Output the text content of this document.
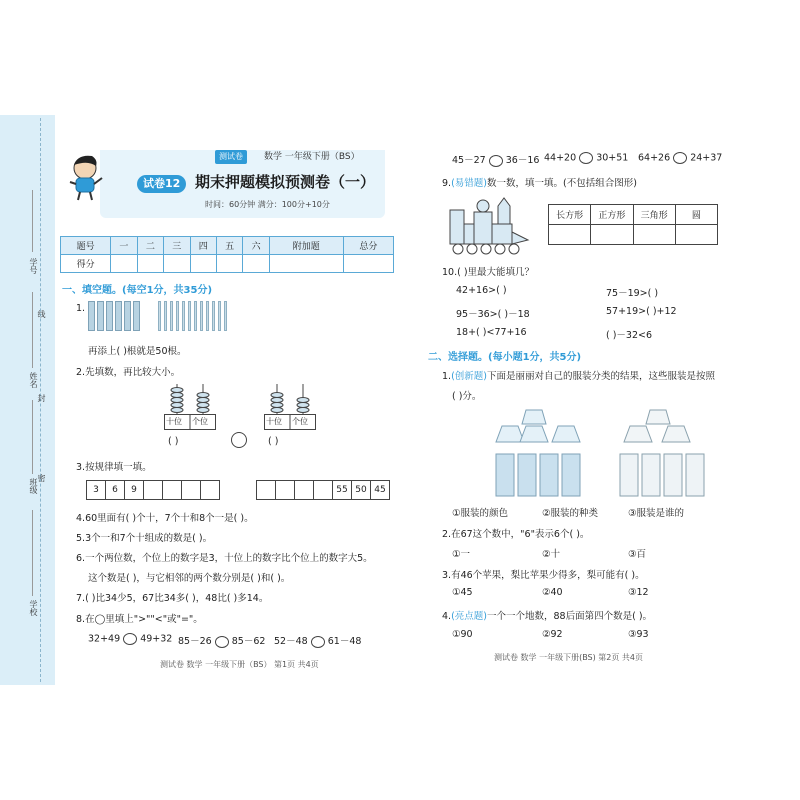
学号
姓名
班级
学校
线
封
密
测试卷	数学 一年级下册（BS）
试卷12 期末押题模拟预测卷（一）
时间：60分钟 满分：100分+10分
题号	一	二	三	四	五	六	附加题	总分
得分								
一、填空题。(每空1分，共35分)
1.

再添上( )根就是50根。
2.先填数，再比较大小。
十位 个位
( )
十位 个位
( )
3.按规律填一填。
3 6 9	55 50 45
4.60里面有( )个十，7个十和8个一是( )。
5.3个一和7个十组成的数是( )。
6.一个两位数，个位上的数字是3，十位上的数字比个位上的数字大5。
这个数是( )，与它相邻的两个数分别是( )和( )。
7.( )比34少5，67比34多( )，48比( )多14。
8.在◯里填上">""<"或"="。
32+49 49+32 85－26 85－62 52－48 61－48
测试卷 数学 一年级下册（BS） 第1页 共4页
45－27 36－16 44+20 30+51 64+26 24+37
9.(易错题)数一数，填一填。(不包括组合图形)
长方形	正方形	三角形	圆

10.( )里最大能填几？
42+16>( )	75－19>( )
95－36>( )－18	57+19>( )+12
18+( )<77+16	( )－32<6
二、选择题。(每小题1分，共5分)
1.(创新题)下面是丽丽对自己的服装分类的结果，这些服装是按照
( )分。
①服装的颜色	②服装的种类	③服装是谁的
2.在67这个数中，"6"表示6个( )。
①一	②十	③百
3.有46个苹果，梨比苹果少得多，梨可能有( )。
①45	②40	③12
4.(亮点题)一个一个地数，88后面第四个数是( )。
①90	②92	③93
测试卷 数学 一年级下册(BS) 第2页 共4页
